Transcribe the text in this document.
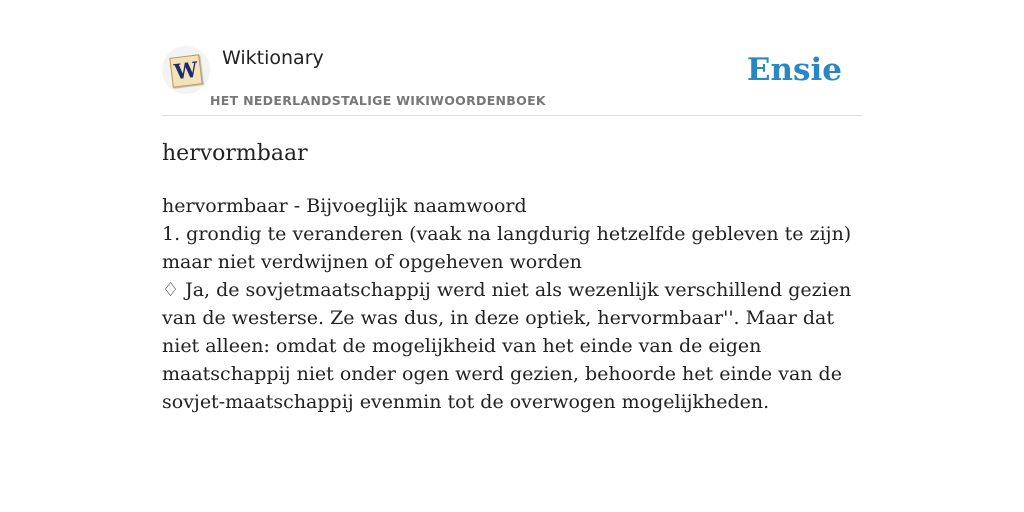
W Wiktionary
HET NEDERLANDSTALIGE WIKIWOORDENBOEK
Ensie
hervormbaar

hervormbaar - Bijvoeglijk naamwoord

1. grondig te veranderen (vaak na langdurig hetzelfde gebleven te zijn) maar niet verdwijnen of opgeheven worden

♢ Ja, de sovjetmaatschappij werd niet als wezenlijk verschillend gezien van de westerse. Ze was dus, in deze optiek, hervormbaar''. Maar dat niet alleen: omdat de mogelijkheid van het einde van de eigen maatschappij niet onder ogen werd gezien, behoorde het einde van de sovjet-maatschappij evenmin tot de overwogen mogelijkheden.
